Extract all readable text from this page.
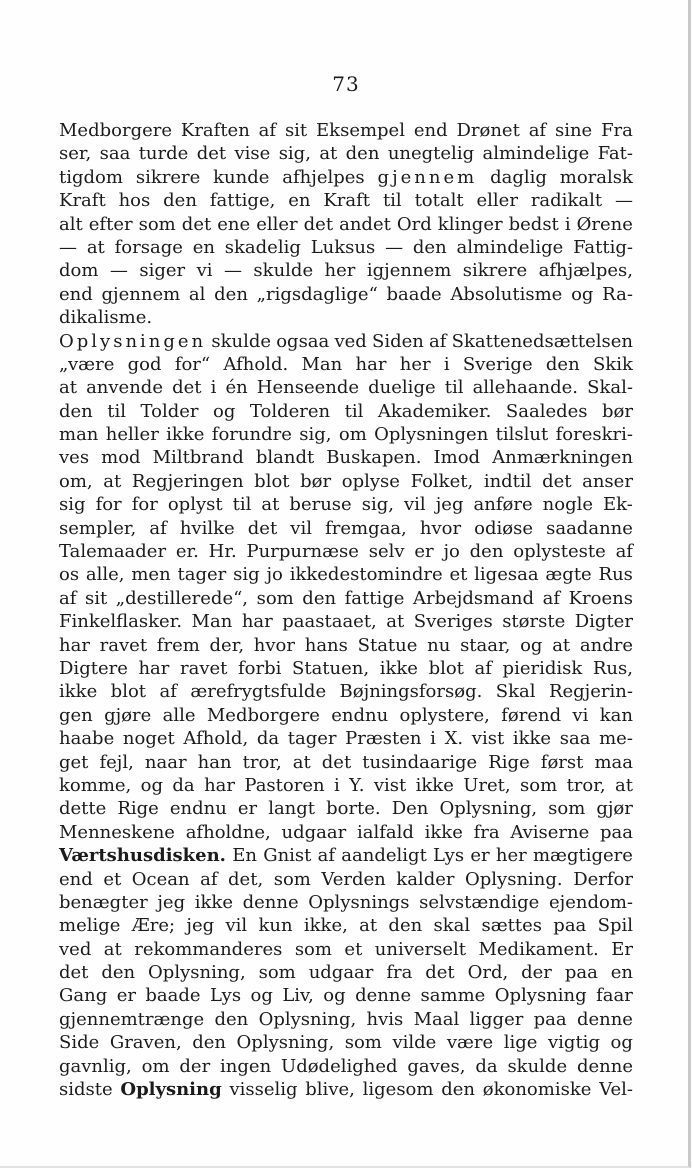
73
Medborgere Kraften af sit Eksempel end Drønet af sine Fra
ser, saa turde det vise sig, at den unegtelig almindelige Fat-
tigdom sikrere kunde afhjelpes gjennem daglig moralsk
Kraft hos den fattige, en Kraft til totalt eller radikalt —
alt efter som det ene eller det andet Ord klinger bedst i Ørene
— at forsage en skadelig Luksus — den almindelige Fattig-
dom — siger vi — skulde her igjennem sikrere afhjælpes,
end gjennem al den „rigsdaglige“ baade Absolutisme og Ra-
dikalisme.
Oplysningen skulde ogsaa ved Siden af Skattenedsættelsen
„være god for“ Afhold. Man har her i Sverige den Skik
at anvende det i én Henseende duelige til allehaande. Skal-
den til Tolder og Tolderen til Akademiker. Saaledes bør
man heller ikke forundre sig, om Oplysningen tilslut foreskri-
ves mod Miltbrand blandt Buskapen. Imod Anmærkningen
om, at Regjeringen blot bør oplyse Folket, indtil det anser
sig for for oplyst til at beruse sig, vil jeg anføre nogle Ek-
sempler, af hvilke det vil fremgaa, hvor odiøse saadanne
Talemaader er. Hr. Purpurnæse selv er jo den oplysteste af
os alle, men tager sig jo ikkedestomindre et ligesaa ægte Rus
af sit „destillerede“, som den fattige Arbejdsmand af Kroens
Finkelflasker. Man har paastaaet, at Sveriges største Digter
har ravet frem der, hvor hans Statue nu staar, og at andre
Digtere har ravet forbi Statuen, ikke blot af pieridisk Rus,
ikke blot af ærefrygtsfulde Bøjningsforsøg. Skal Regjerin-
gen gjøre alle Medborgere endnu oplystere, førend vi kan
haabe noget Afhold, da tager Præsten i X. vist ikke saa me-
get fejl, naar han tror, at det tusindaarige Rige først maa
komme, og da har Pastoren i Y. vist ikke Uret, som tror, at
dette Rige endnu er langt borte. Den Oplysning, som gjør
Menneskene afholdne, udgaar ialfald ikke fra Aviserne paa
Værtshusdisken. En Gnist af aandeligt Lys er her mægtigere
end et Ocean af det, som Verden kalder Oplysning. Derfor
benægter jeg ikke denne Oplysnings selvstændige ejendom-
melige Ære; jeg vil kun ikke, at den skal sættes paa Spil
ved at rekommanderes som et universelt Medikament. Er
det den Oplysning, som udgaar fra det Ord, der paa en
Gang er baade Lys og Liv, og denne samme Oplysning faar
gjennemtrænge den Oplysning, hvis Maal ligger paa denne
Side Graven, den Oplysning, som vilde være lige vigtig og
gavnlig, om der ingen Udødelighed gaves, da skulde denne
sidste Oplysning visselig blive, ligesom den økonomiske Vel-
